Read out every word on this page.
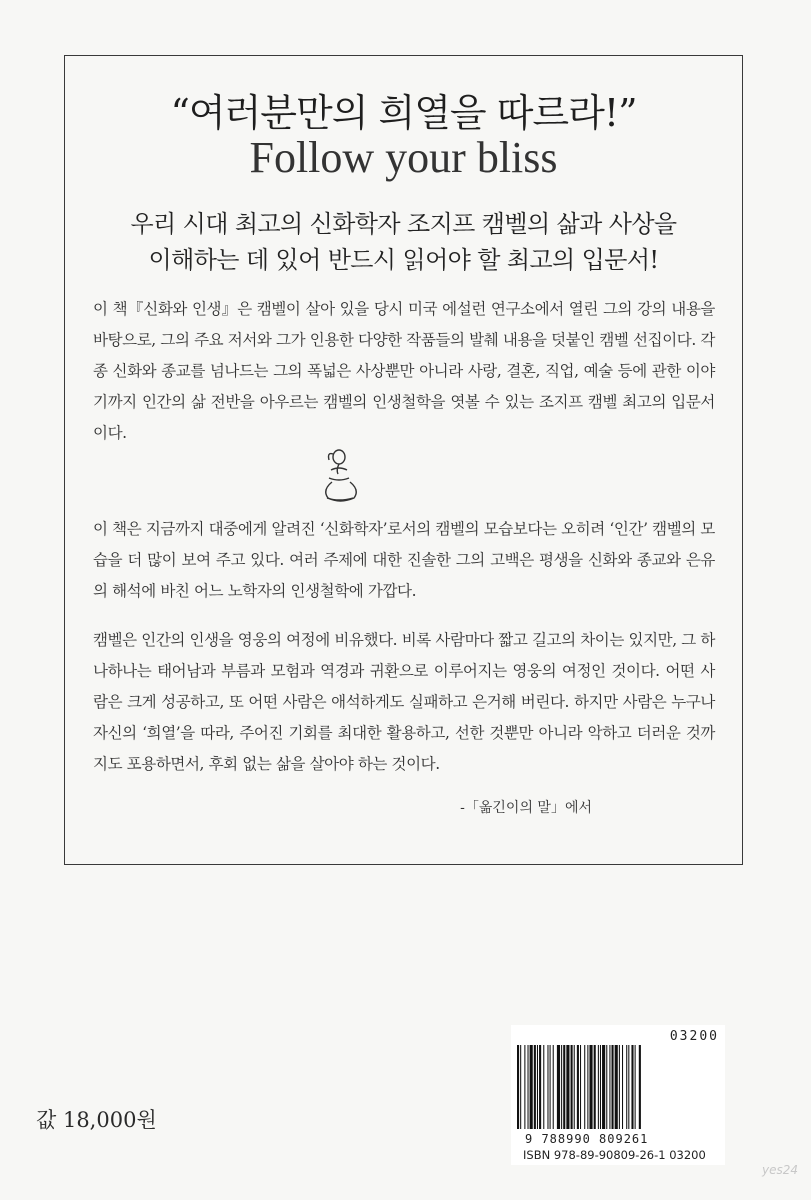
“여러분만의 희열을 따르라!”
Follow your bliss
우리 시대 최고의 신화학자 조지프 캠벨의 삶과 사상을
이해하는 데 있어 반드시 읽어야 할 최고의 입문서!
이 책『신화와 인생』은 캠벨이 살아 있을 당시 미국 에설런 연구소에서 열린 그의 강의 내용을 바탕으로, 그의 주요 저서와 그가 인용한 다양한 작품들의 발췌 내용을 덧붙인 캠벨 선집이다. 각종 신화와 종교를 넘나드는 그의 폭넓은 사상뿐만 아니라 사랑, 결혼, 직업, 예술 등에 관한 이야기까지 인간의 삶 전반을 아우르는 캠벨의 인생철학을 엿볼 수 있는 조지프 캠벨 최고의 입문서이다.
이 책은 지금까지 대중에게 알려진 ‘신화학자’로서의 캠벨의 모습보다는 오히려 ‘인간’ 캠벨의 모습을 더 많이 보여 주고 있다. 여러 주제에 대한 진솔한 그의 고백은 평생을 신화와 종교와 은유의 해석에 바친 어느 노학자의 인생철학에 가깝다.
캠벨은 인간의 인생을 영웅의 여정에 비유했다. 비록 사람마다 짧고 길고의 차이는 있지만, 그 하나하나는 태어남과 부름과 모험과 역경과 귀환으로 이루어지는 영웅의 여정인 것이다. 어떤 사람은 크게 성공하고, 또 어떤 사람은 애석하게도 실패하고 은거해 버린다. 하지만 사람은 누구나 자신의 ‘희열’을 따라, 주어진 기회를 최대한 활용하고, 선한 것뿐만 아니라 악하고 더러운 것까지도 포용하면서, 후회 없는 삶을 살아야 하는 것이다.
-「옮긴이의 말」에서
03200
9 788990 809261
ISBN 978-89-90809-26-1 03200
값 18,000원
yes24
